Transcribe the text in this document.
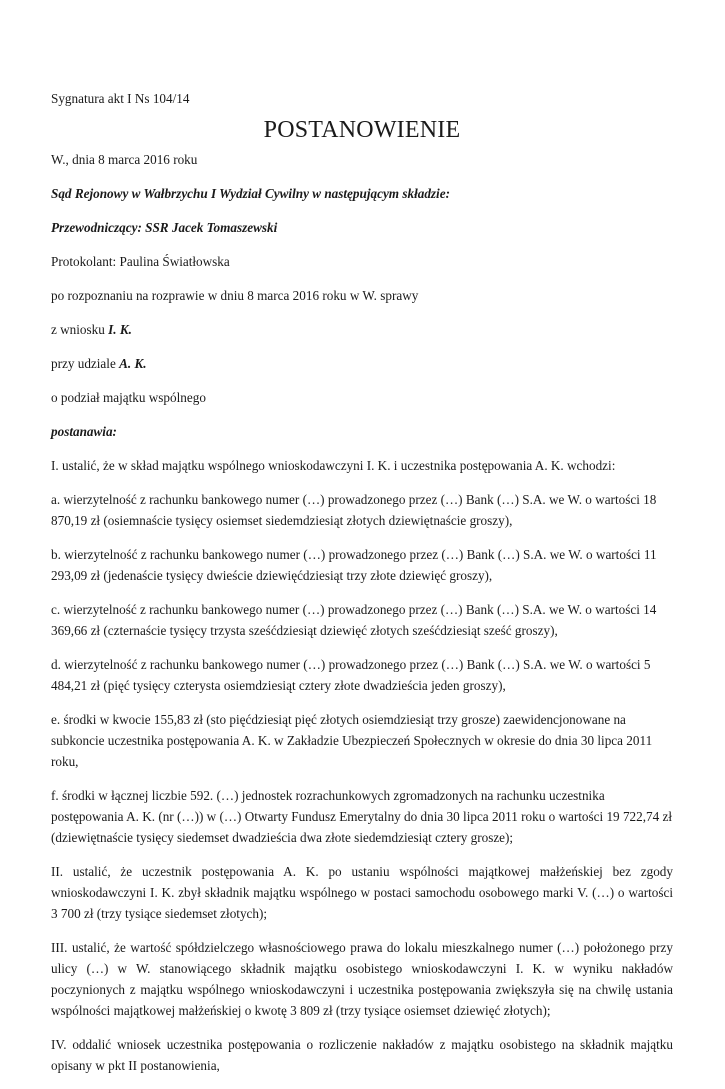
Sygnatura akt I Ns 104/14
POSTANOWIENIE
W., dnia 8 marca 2016 roku
Sąd Rejonowy w Wałbrzychu I Wydział Cywilny w następującym składzie:
Przewodniczący: SSR Jacek Tomaszewski
Protokolant: Paulina Światłowska
po rozpoznaniu na rozprawie w dniu 8 marca 2016 roku w W. sprawy
z wniosku I. K.
przy udziale A. K.
o podział majątku wspólnego
postanawia:
I. ustalić, że w skład majątku wspólnego wnioskodawczyni I. K. i uczestnika postępowania A. K. wchodzi:
a. wierzytelność z rachunku bankowego numer (…) prowadzonego przez (…) Bank (…) S.A. we W. o wartości 18 870,19 zł (osiemnaście tysięcy osiemset siedemdziesiąt złotych dziewiętnaście groszy),
b. wierzytelność z rachunku bankowego numer (…) prowadzonego przez (…) Bank (…) S.A. we W. o wartości 11 293,09 zł (jedenaście tysięcy dwieście dziewięćdziesiąt trzy złote dziewięć groszy),
c. wierzytelność z rachunku bankowego numer (…) prowadzonego przez (…) Bank (…) S.A. we W. o wartości 14 369,66 zł (czternaście tysięcy trzysta sześćdziesiąt dziewięć złotych sześćdziesiąt sześć groszy),
d. wierzytelność z rachunku bankowego numer (…) prowadzonego przez (…) Bank (…) S.A. we W. o wartości 5 484,21 zł (pięć tysięcy czterysta osiemdziesiąt cztery złote dwadzieścia jeden groszy),
e. środki w kwocie 155,83 zł (sto pięćdziesiąt pięć złotych osiemdziesiąt trzy grosze) zaewidencjonowane na subkoncie uczestnika postępowania A. K. w Zakładzie Ubezpieczeń Społecznych w okresie do dnia 30 lipca 2011 roku,
f. środki w łącznej liczbie 592. (…) jednostek rozrachunkowych zgromadzonych na rachunku uczestnika postępowania A. K. (nr (…)) w (…) Otwarty Fundusz Emerytalny do dnia 30 lipca 2011 roku o wartości 19 722,74 zł (dziewiętnaście tysięcy siedemset dwadzieścia dwa złote siedemdziesiąt cztery grosze);
II. ustalić, że uczestnik postępowania A. K. po ustaniu wspólności majątkowej małżeńskiej bez zgody wnioskodawczyni I. K. zbył składnik majątku wspólnego w postaci samochodu osobowego marki V. (…) o wartości 3 700 zł (trzy tysiące siedemset złotych);
III. ustalić, że wartość spółdzielczego własnościowego prawa do lokalu mieszkalnego numer (…) położonego przy ulicy (…) w W. stanowiącego składnik majątku osobistego wnioskodawczyni I. K. w wyniku nakładów poczynionych z majątku wspólnego wnioskodawczyni i uczestnika postępowania zwiększyła się na chwilę ustania wspólności majątkowej małżeńskiej o kwotę 3 809 zł (trzy tysiące osiemset dziewięć złotych);
IV. oddalić wniosek uczestnika postępowania o rozliczenie nakładów z majątku osobistego na składnik majątku opisany w pkt II postanowienia,
